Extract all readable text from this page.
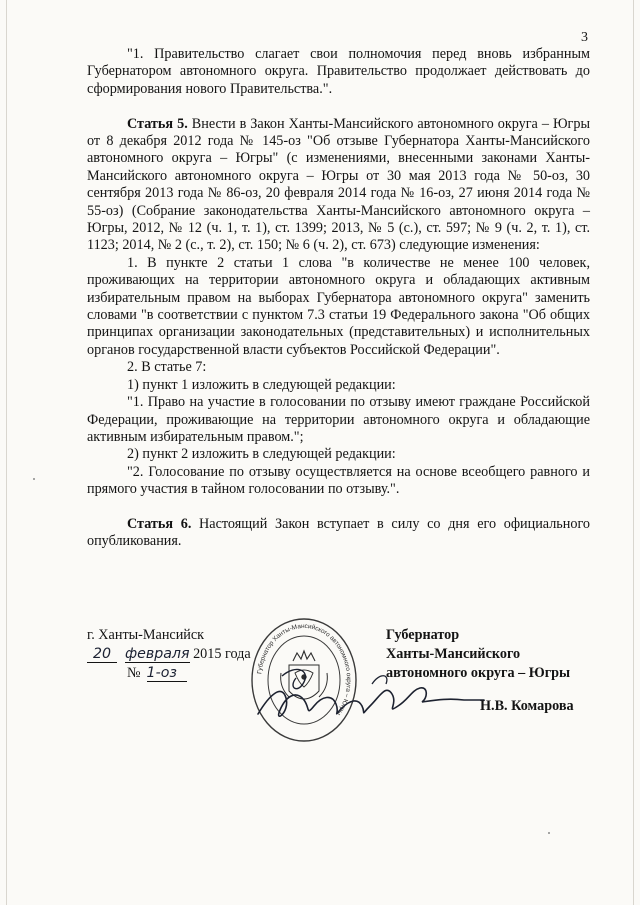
3

"1. Правительство слагает свои полномочия перед вновь избранным Губернатором автономного округа. Правительство продолжает действовать до сформирования нового Правительства.".

Статья 5. Внести в Закон Ханты-Мансийского автономного округа – Югры от 8 декабря 2012 года № 145-оз "Об отзыве Губернатора Ханты-Мансийского автономного округа – Югры" (с изменениями, внесенными законами Ханты-Мансийского автономного округа – Югры от 30 мая 2013 года № 50-оз, 30 сентября 2013 года № 86-оз, 20 февраля 2014 года № 16-оз, 27 июня 2014 года № 55-оз) (Собрание законодательства Ханты-Мансийского автономного округа – Югры, 2012, № 12 (ч. 1, т. 1), ст. 1399; 2013, № 5 (с.), ст. 597; № 9 (ч. 2, т. 1), ст. 1123; 2014, № 2 (с., т. 2), ст. 150; № 6 (ч. 2), ст. 673) следующие изменения:

1. В пункте 2 статьи 1 слова "в количестве не менее 100 человек, проживающих на территории автономного округа и обладающих активным избирательным правом на выборах Губернатора автономного округа" заменить словами "в соответствии с пунктом 7.3 статьи 19 Федерального закона "Об общих принципах организации законодательных (представительных) и исполнительных органов государственной власти субъектов Российской Федерации".

2. В статье 7:

1) пункт 1 изложить в следующей редакции:

"1. Право на участие в голосовании по отзыву имеют граждане Российской Федерации, проживающие на территории автономного округа и обладающие активным избирательным правом.";

2) пункт 2 изложить в следующей редакции:

"2. Голосование по отзыву осуществляется на основе всеобщего равного и прямого участия в тайном голосовании по отзыву.".

Статья 6. Настоящий Закон вступает в силу со дня его официального опубликования.

г. Ханты-Мансийск
20 февраля 2015 года
№ 1-оз	Губернатор Ханты-Мансийского автономного округа – Югры
Губернатор
Ханты-Мансийского
автономного округа – Югры
Н.В. Комарова
